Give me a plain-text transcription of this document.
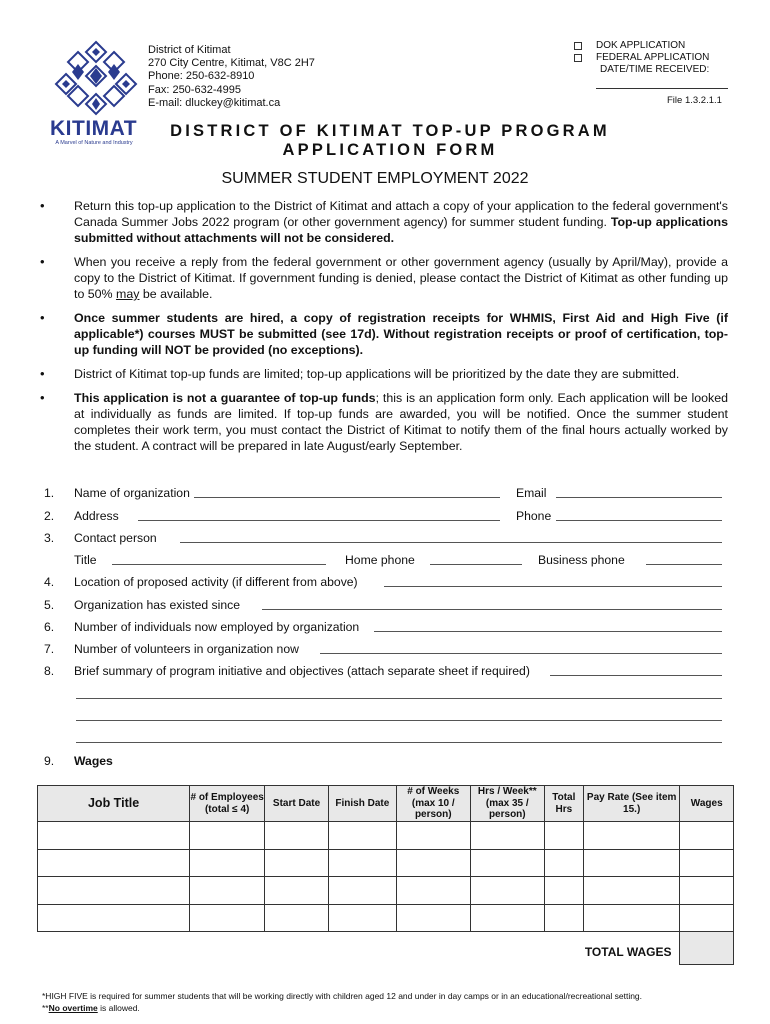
KITIMAT
A Marvel of Nature and Industry
District of Kitimat
270 City Centre, Kitimat, V8C 2H7
Phone: 250-632-8910
Fax: 250-632-4995
E-mail: dluckey@kitimat.ca
DOK APPLICATION
FEDERAL APPLICATION
DATE/TIME RECEIVED:
File 1.3.2.1.1
DISTRICT OF KITIMAT TOP-UP PROGRAM
APPLICATION FORM
SUMMER STUDENT EMPLOYMENT 2022
•	Return this top-up application to the District of Kitimat and attach a copy of your application to the federal government's Canada Summer Jobs 2022 program (or other government agency) for summer student funding. Top-up applications submitted without attachments will not be considered.
•	When you receive a reply from the federal government or other government agency (usually by April/May), provide a copy to the District of Kitimat. If government funding is denied, please contact the District of Kitimat as other funding up to 50% may be available.
•	Once summer students are hired, a copy of registration receipts for WHMIS, First Aid and High Five (if applicable*) courses MUST be submitted (see 17d). Without registration receipts or proof of certification, top-up funding will NOT be provided (no exceptions).
•	District of Kitimat top-up funds are limited; top-up applications will be prioritized by the date they are submitted.
•	This application is not a guarantee of top-up funds; this is an application form only. Each application will be looked at individually as funds are limited. If top-up funds are awarded, you will be notified. Once the summer student completes their work term, you must contact the District of Kitimat to notify them of the final hours actually worked by the student. A contract will be prepared in late August/early September.
1. Name of organization	Email
2. Address	Phone
3. Contact person
Title	Home phone	Business phone
4. Location of proposed activity (if different from above)
5. Organization has existed since
6. Number of individuals now employed by organization
7. Number of volunteers in organization now
8. Brief summary of program initiative and objectives (attach separate sheet if required)
9. Wages
Job Title	# of Employees (total ≤ 4)	Start Date	Finish Date	# of Weeks (max 10 / person)	Hrs / Week** (max 35 / person)	Total Hrs	Pay Rate (See item 15.)	Wages

							TOTAL WAGES	
*HIGH FIVE is required for summer students that will be working directly with children aged 12 and under in day camps or in an educational/recreational setting.
**No overtime is allowed.
